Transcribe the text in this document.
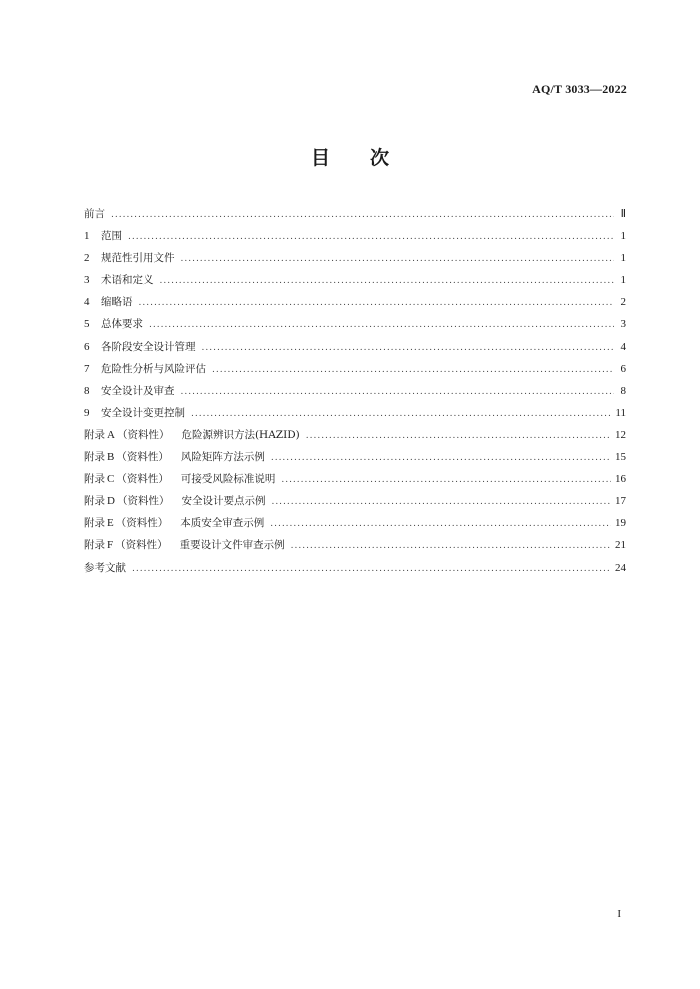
AQ/T 3033—2022
目 次
前言 .....	Ⅱ
1	范围 .....	1
2	规范性引用文件 .....	1
3	术语和定义 .....	1
4	缩略语 .....	2
5	总体要求 .....	3
6	各阶段安全设计管理 .....	4
7	危险性分析与风险评估 .....	6
8	安全设计及审查 .....	8
9	安全设计变更控制 .....	11
附录 A （资料性） 危险源辨识方法(HAZID) .....	12
附录 B （资料性） 风险矩阵方法示例 .....	15
附录 C （资料性） 可接受风险标准说明 .....	16
附录 D （资料性） 安全设计要点示例 .....	17
附录 E （资料性） 本质安全审查示例 .....	19
附录 F （资料性） 重要设计文件审查示例 .....	21
参考文献 .....	24
I
